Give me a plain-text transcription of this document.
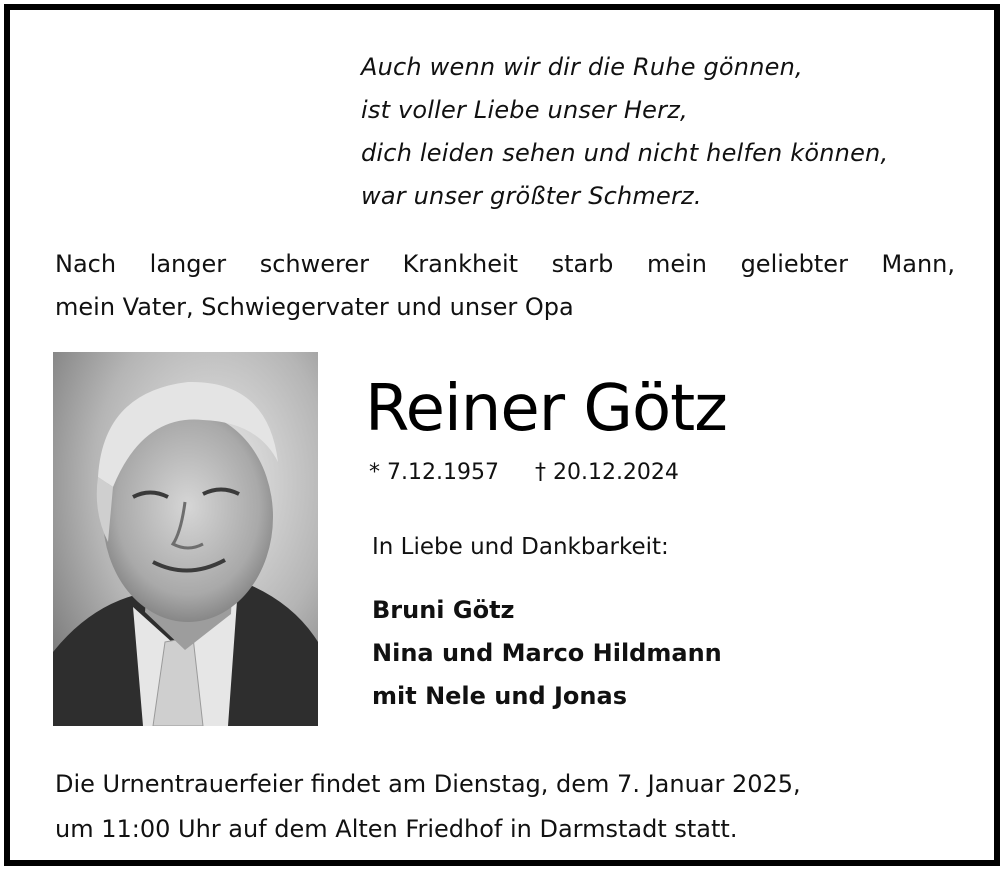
Auch wenn wir dir die Ruhe gönnen,
ist voller Liebe unser Herz,
dich leiden sehen und nicht helfen können,
war unser größter Schmerz.
Nach langer schwerer Krankheit starb mein geliebter Mann,
mein Vater, Schwiegervater und unser Opa
Reiner Götz
* 7.12.1957 † 20.12.2024
In Liebe und Dankbarkeit:
Bruni Götz
Nina und Marco Hildmann
mit Nele und Jonas
Die Urnentrauerfeier findet am Dienstag, dem 7. Januar 2025,
um 11:00 Uhr auf dem Alten Friedhof in Darmstadt statt.
